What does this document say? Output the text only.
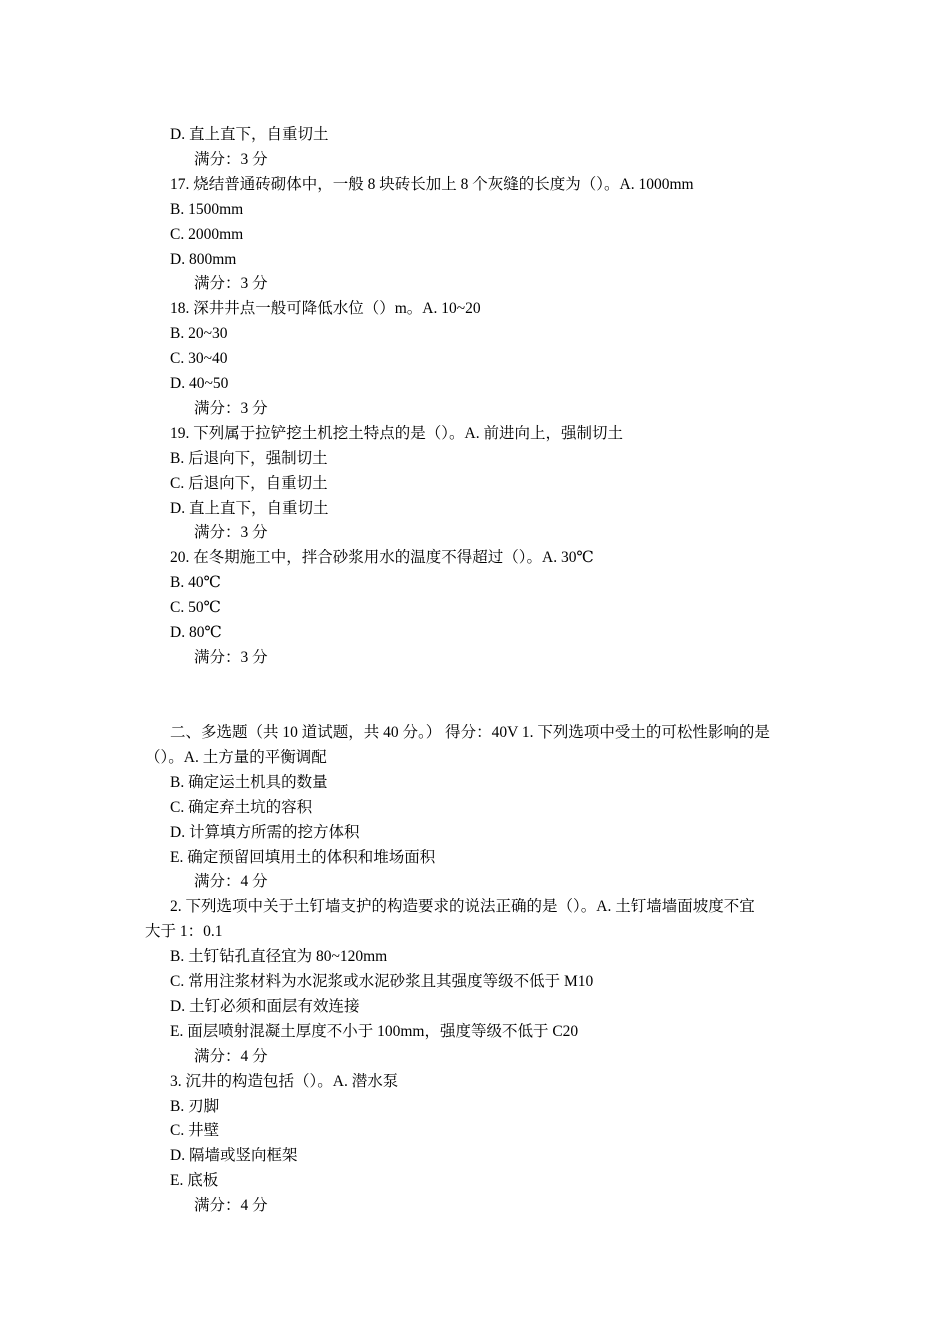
D. 直上直下，自重切土
满分：3 分
17. 烧结普通砖砌体中，一般 8 块砖长加上 8 个灰缝的长度为（）。A. 1000mm
B. 1500mm
C. 2000mm
D. 800mm
满分：3 分
18. 深井井点一般可降低水位（）m。A. 10~20
B. 20~30
C. 30~40
D. 40~50
满分：3 分
19. 下列属于拉铲挖土机挖土特点的是（）。A. 前进向上，强制切土
B. 后退向下，强制切土
C. 后退向下，自重切土
D. 直上直下，自重切土
满分：3 分
20. 在冬期施工中，拌合砂浆用水的温度不得超过（）。A. 30℃
B. 40℃
C. 50℃
D. 80℃
满分：3 分
二、多选题（共 10 道试题，共 40 分。） 得分：40V 1. 下列选项中受土的可松性影响的是
（）。A. 土方量的平衡调配
B. 确定运土机具的数量
C. 确定弃土坑的容积
D. 计算填方所需的挖方体积
E. 确定预留回填用土的体积和堆场面积
满分：4 分
2. 下列选项中关于土钉墙支护的构造要求的说法正确的是（）。A. 土钉墙墙面坡度不宜
大于 1：0.1
B. 土钉钻孔直径宜为 80~120mm
C. 常用注浆材料为水泥浆或水泥砂浆且其强度等级不低于 M10
D. 土钉必须和面层有效连接
E. 面层喷射混凝土厚度不小于 100mm，强度等级不低于 C20
满分：4 分
3. 沉井的构造包括（）。A. 潜水泵
B. 刃脚
C. 井壁
D. 隔墙或竖向框架
E. 底板
满分：4 分
